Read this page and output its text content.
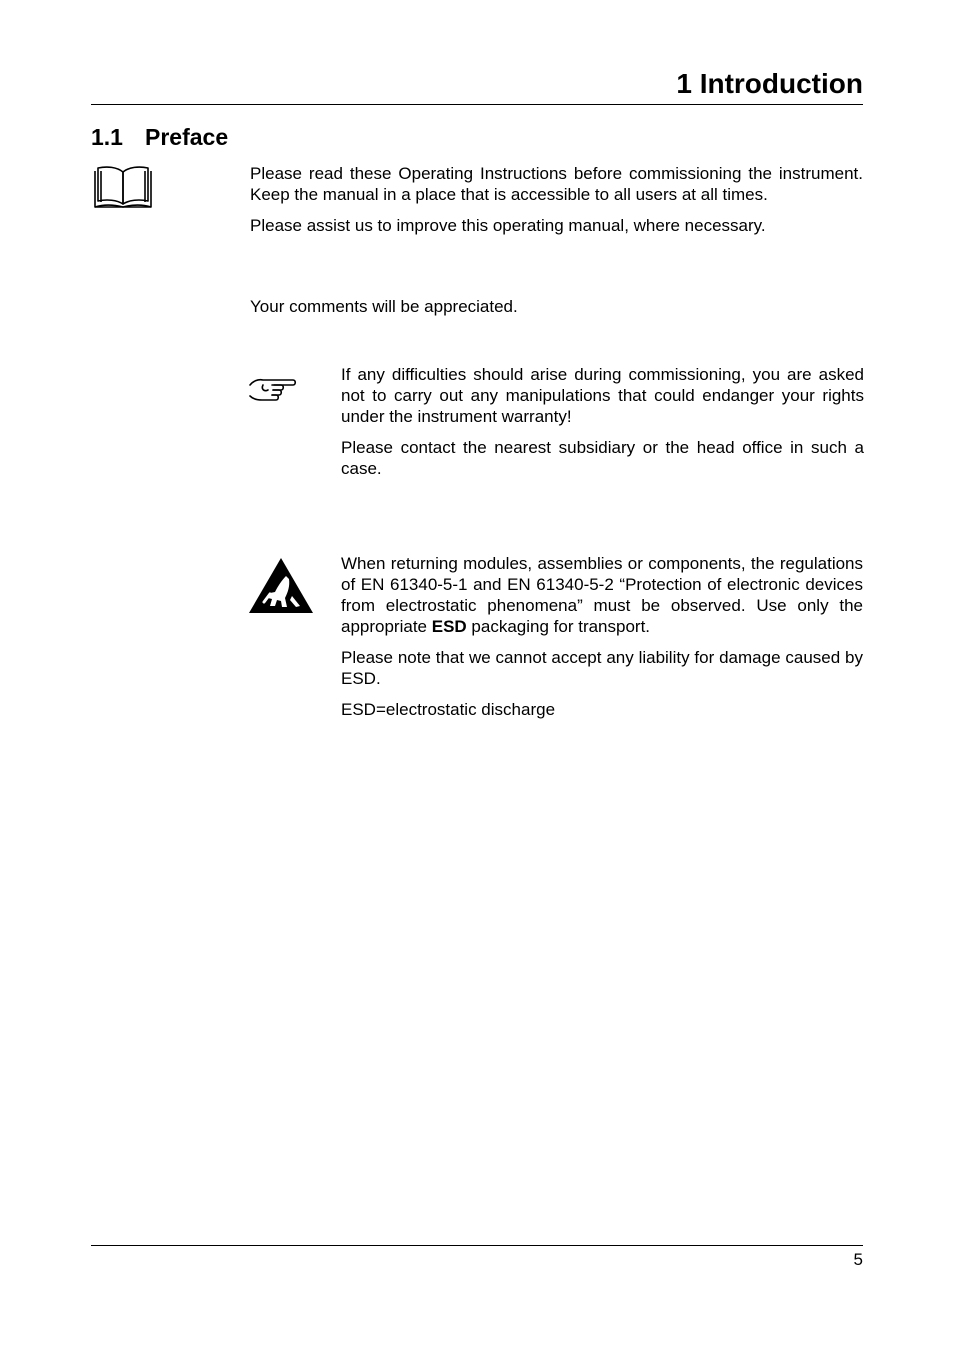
1 Introduction
1.1 Preface

Please read these Operating Instructions before commissioning the instrument. Keep the manual in a place that is accessible to all users at all times.

Please assist us to improve this operating manual, where necessary.

Your comments will be appreciated.

If any difficulties should arise during commissioning, you are asked not to carry out any manipulations that could endanger your rights under the instrument warranty!

Please contact the nearest subsidiary or the head office in such a case.

When returning modules, assemblies or components, the regulations of EN 61340-5-1 and EN 61340-5-2 “Protection of electronic devices from electrostatic phenomena” must be observed. Use only the appropriate ESD packaging for transport.

Please note that we cannot accept any liability for damage caused by ESD.

ESD=electrostatic discharge

5
